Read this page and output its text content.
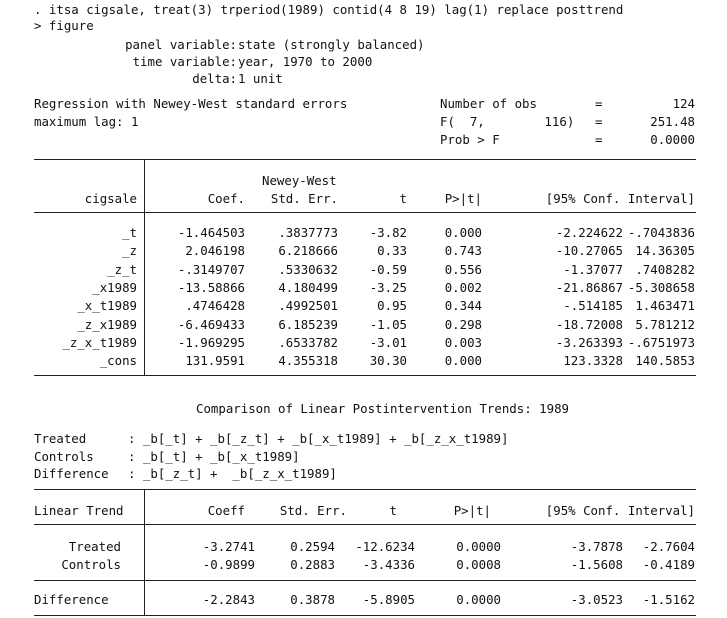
. itsa cigsale, treat(3) trperiod(1989) contid(4 8 19) lag(1) replace posttrend
> figure
panel variable: state (strongly balanced)
time variable: year, 1970 to 2000
delta: 1 unit
Regression with Newey-West standard errors
maximum lag: 1
Number of obs	=	124
F(  7,        116) =	251.48
Prob > F	=	0.0000
Newey-West
cigsale	Coef. Std. Err.	t	P>|t|	[95% Conf. Interval]
_t	-1.464503	.3837773	-3.82	0.000	-2.224622 -.7043836
_z	2.046198	6.218666	0.33	0.743	-10.27065 14.36305
_z_t	-.3149707	.5330632	-0.59	0.556	-1.37077 .7408282
_x1989	-13.58866	4.180499	-3.25	0.002	-21.86867 -5.308658
_x_t1989	.4746428	.4992501	0.95	0.344	-.514185 1.463471
_z_x1989	-6.469433	6.185239	-1.05	0.298	-18.72008 5.781212
_z_x_t1989	-1.969295	.6533782	-3.01	0.003	-3.263393 -.6751973
_cons	131.9591	4.355318	30.30	0.000	123.3328 140.5853
Comparison of Linear Postintervention Trends: 1989
Treated	: _b[_t] + _b[_z_t] + _b[_x_t1989] + _b[_z_x_t1989]
Controls	: _b[_t] + _b[_x_t1989]
Difference : _b[_z_t] +  _b[_z_x_t1989]
Linear Trend	Coeff	Std. Err.	t	P>|t|	[95% Conf. Interval]
Treated	-3.2741	0.2594 -12.6234	0.0000	-3.7878 -2.7604
Controls	-0.9899	0.2883 -3.4336	0.0008	-1.5608 -0.4189
Difference	-2.2843	0.3878 -5.8905	0.0000	-3.0523 -1.5162
